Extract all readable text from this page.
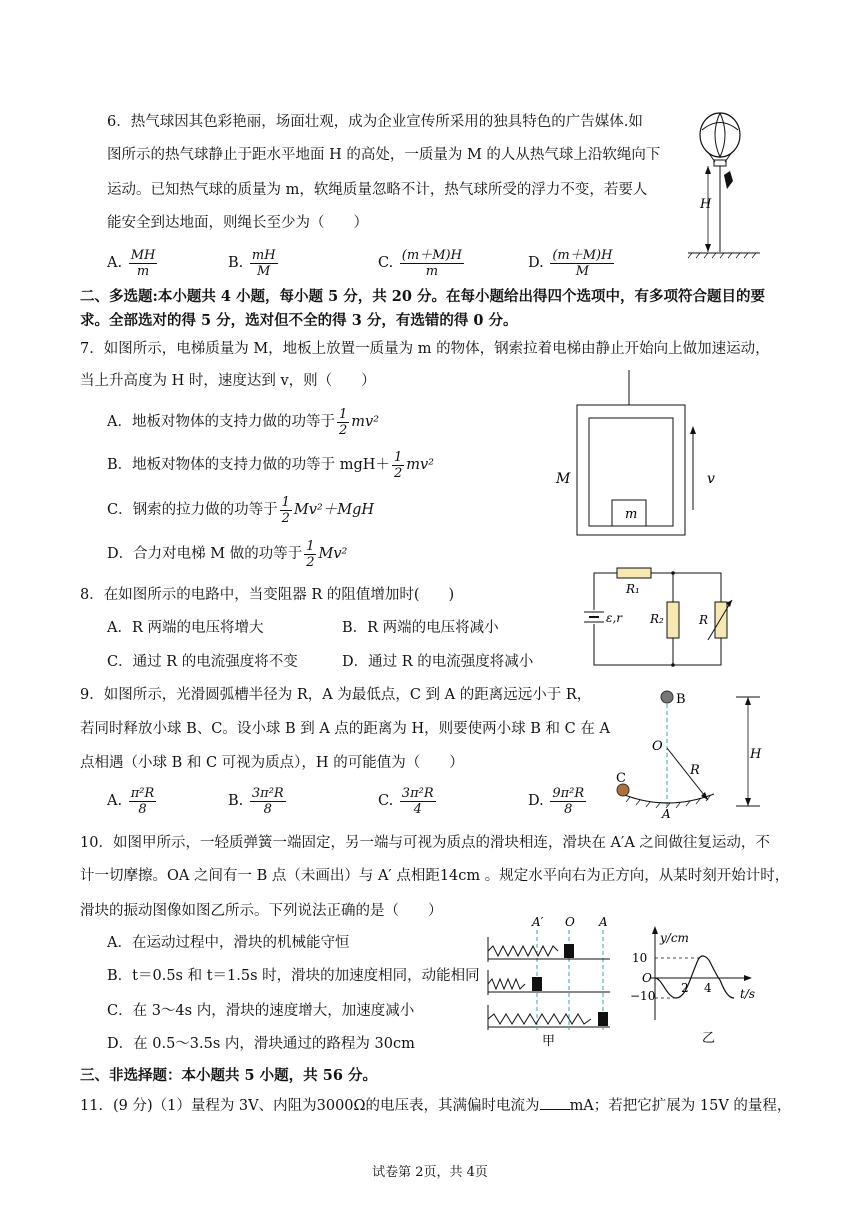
6．热气球因其色彩艳丽，场面壮观，成为企业宣传所采用的独具特色的广告媒体.如
图所示的热气球静止于距水平地面 H 的高处，一质量为 M 的人从热气球上沿软绳向下
运动。已知热气球的质量为 m，软绳质量忽略不计，热气球所受的浮力不变，若要人
能安全到达地面，则绳长至少为（　　）
A. $\frac{MH}{m}$	B. $\frac{mH}{M}$	C. $\frac{(m+M)H}{m}$	D. $\frac{(m+M)H}{M}$
H
二、多选题:本小题共 4 小题，每小题 5 分，共 20 分。在每小题给出得四个选项中，有多项符合题目的要
求。全部选对的得 5 分，选对但不全的得 3 分，有选错的得 0 分。
7．如图所示，电梯质量为 M，地板上放置一质量为 m 的物体，钢索拉着电梯由静止开始向上做加速运动，
当上升高度为 H 时，速度达到 v，则（　　）
A．地板对物体的支持力做的功等于 $\frac{1}{2} mv^2$
B．地板对物体的支持力做的功等于 $mgH+ \frac{1}{2} mv^2$
C．钢索的拉力做的功等于 $\frac{1}{2} Mv^2+MgH$
D．合力对电梯 M 做的功等于 $\frac{1}{2} Mv^2$
m
M	v
8．在如图所示的电路中，当变阻器 R 的阻值增加时(　　)
A．R 两端的电压将增大	B．R 两端的电压将减小
C．通过 R 的电流强度将不变	D．通过 R 的电流强度将减小
R₁
R₂	R
ε,r
9．如图所示，光滑圆弧槽半径为 R，A 为最低点，C 到 A 的距离远远小于 R，
若同时释放小球 B、C。设小球 B 到 A 点的距离为 H，则要使两小球 B 和 C 在 A
点相遇（小球 B 和 C 可视为质点），H 的可能值为（　　）
A. $\frac{\text{π²R}}{8}$	B. $\frac{\text{3π²R}}{8}$	C. $\frac{\text{3π²R}}{4}$	D. $\frac{\text{9π²R}}{8}$
B
O
R
C
A
H
10．如图甲所示，一轻质弹簧一端固定，另一端与可视为质点的滑块相连，滑块在 A′A 之间做往复运动，不
计一切摩擦。OA 之间有一 B 点（未画出）与 A′ 点相距14cm 。规定水平向右为正方向，从某时刻开始计时，
滑块的振动图像如图乙所示。下列说法正确的是（　　）
A．在运动过程中，滑块的机械能守恒
B．t＝0.5s 和 t＝1.5s 时，滑块的加速度相同，动能相同
C．在 3～4s 内，滑块的速度增大，加速度减小
D．在 0.5～3.5s 内，滑块通过的路程为 30cm
A′ O A
甲
y/cm
t/s
10
−10
O
2 4
乙
三、非选择题：本小题共 5 小题，共 56 分。
11．(9 分)（1）量程为 3V、内阻为3000Ω的电压表，其满偏时电流为 mA；若把它扩展为 15V 的量程，
试卷第 2页，共 4页
